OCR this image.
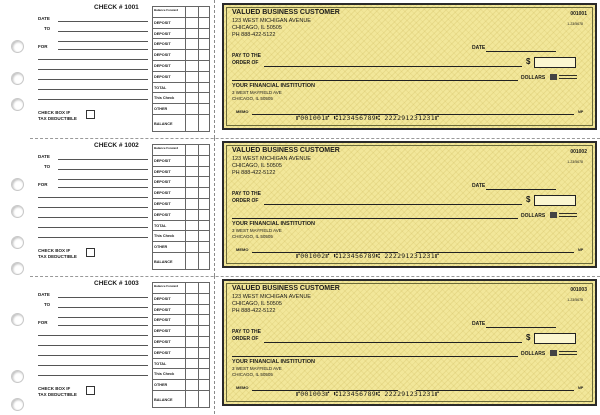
CHECK # 1001
DATE
TO
FOR
CHECK BOX IF
TAX DEDUCTIBLE
Balance Forward
DEPOSIT
DEPOSIT
DEPOSIT
DEPOSIT
DEPOSIT
DEPOSIT
TOTAL
This Check
OTHER
BALANCE
VALUED BUSINESS CUSTOMER
123 WEST MICHIGAN AVENUE
CHICAGO, IL 50505
PH 888-422-5122
001001
1-23/5678
DATE
PAY TO THE
ORDER OF	$
DOLLARS	▬▬▬▬▬▬
▬▬▬▬▬▬
YOUR FINANCIAL INSTITUTION
3 WEST MAYFIELD AVE
CHICAGO, IL 50505
MEMO	MP
⑈001001⑈ ⑆123456789⑆ 222291231231⑈
CHECK # 1002
DATE
TO
FOR
CHECK BOX IF
TAX DEDUCTIBLE
Balance Forward
DEPOSIT
DEPOSIT
DEPOSIT
DEPOSIT
DEPOSIT
DEPOSIT
TOTAL
This Check
OTHER
BALANCE
VALUED BUSINESS CUSTOMER
123 WEST MICHIGAN AVENUE
CHICAGO, IL 50505
PH 888-422-5122
001002
1-23/5678
DATE
PAY TO THE
ORDER OF	$
DOLLARS	▬▬▬▬▬▬
▬▬▬▬▬▬
YOUR FINANCIAL INSTITUTION
3 WEST MAYFIELD AVE
CHICAGO, IL 50505
MEMO	MP
⑈001002⑈ ⑆123456789⑆ 222291231231⑈
CHECK # 1003
DATE
TO
FOR
CHECK BOX IF
TAX DEDUCTIBLE
Balance Forward
DEPOSIT
DEPOSIT
DEPOSIT
DEPOSIT
DEPOSIT
DEPOSIT
TOTAL
This Check
OTHER
BALANCE
VALUED BUSINESS CUSTOMER
123 WEST MICHIGAN AVENUE
CHICAGO, IL 50505
PH 888-422-5122
001003
1-23/5678
DATE
PAY TO THE
ORDER OF	$
DOLLARS	▬▬▬▬▬▬
▬▬▬▬▬▬
YOUR FINANCIAL INSTITUTION
3 WEST MAYFIELD AVE
CHICAGO, IL 50505
MEMO	MP
⑈001003⑈ ⑆123456789⑆ 222291231231⑈
